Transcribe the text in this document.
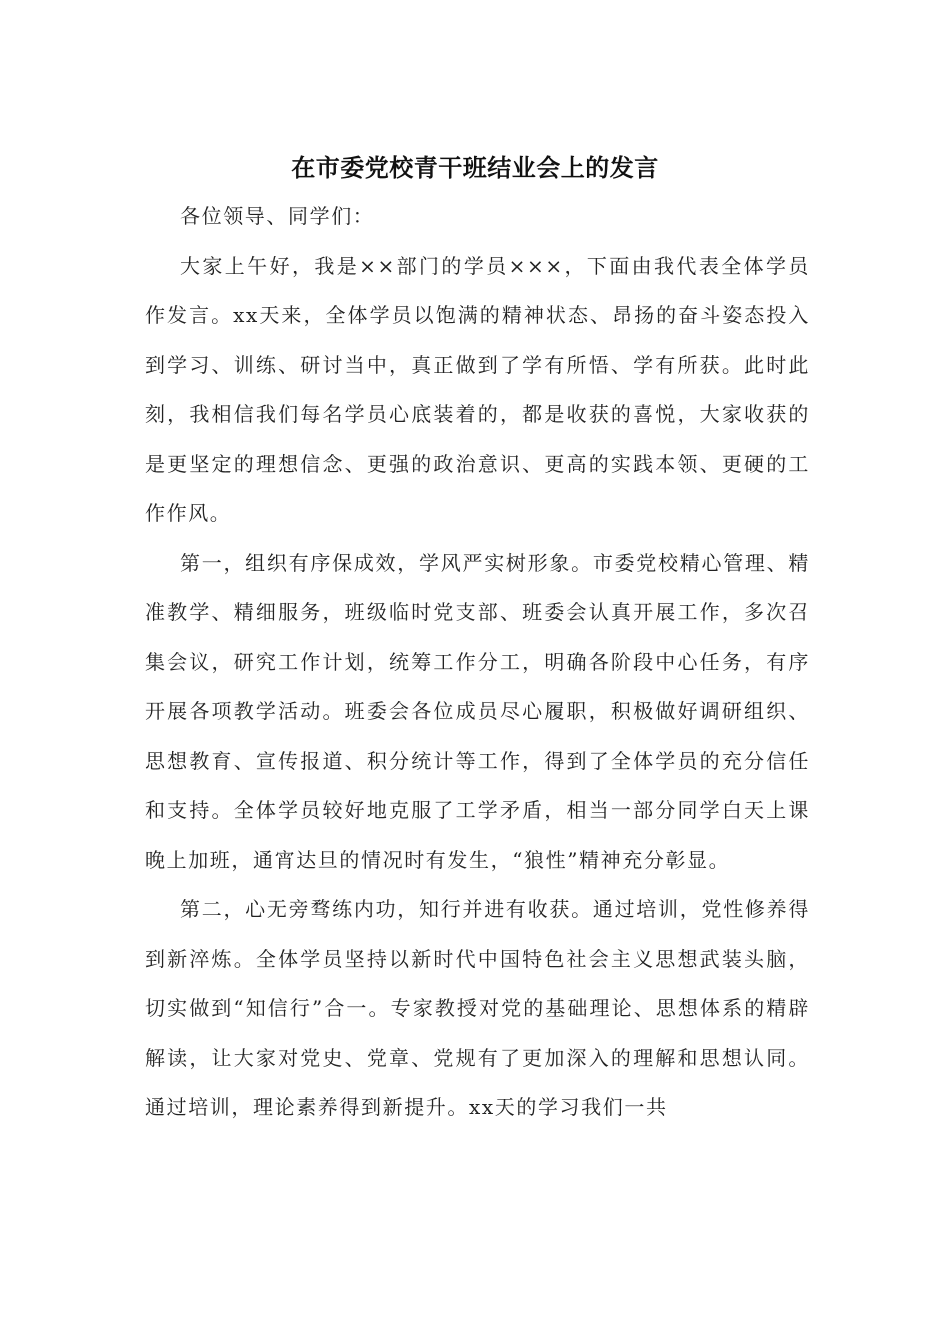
在市委党校青干班结业会上的发言

各位领导、同学们：

大家上午好，我是××部门的学员×××，下面由我代表全体学员作发言。xx天来，全体学员以饱满的精神状态、昂扬的奋斗姿态投入到学习、训练、研讨当中，真正做到了学有所悟、学有所获。此时此刻，我相信我们每名学员心底装着的，都是收获的喜悦，大家收获的是更坚定的理想信念、更强的政治意识、更高的实践本领、更硬的工作作风。

第一，组织有序保成效，学风严实树形象。市委党校精心管理、精准教学、精细服务，班级临时党支部、班委会认真开展工作，多次召集会议，研究工作计划，统筹工作分工，明确各阶段中心任务，有序开展各项教学活动。班委会各位成员尽心履职，积极做好调研组织、思想教育、宣传报道、积分统计等工作，得到了全体学员的充分信任和支持。全体学员较好地克服了工学矛盾，相当一部分同学白天上课晚上加班，通宵达旦的情况时有发生，“狼性”精神充分彰显。

第二，心无旁骛练内功，知行并进有收获。通过培训，党性修养得到新淬炼。全体学员坚持以新时代中国特色社会主义思想武装头脑，切实做到“知信行”合一。专家教授对党的基础理论、思想体系的精辟解读，让大家对党史、党章、党规有了更加深入的理解和思想认同。通过培训，理论素养得到新提升。xx天的学习我们一共
